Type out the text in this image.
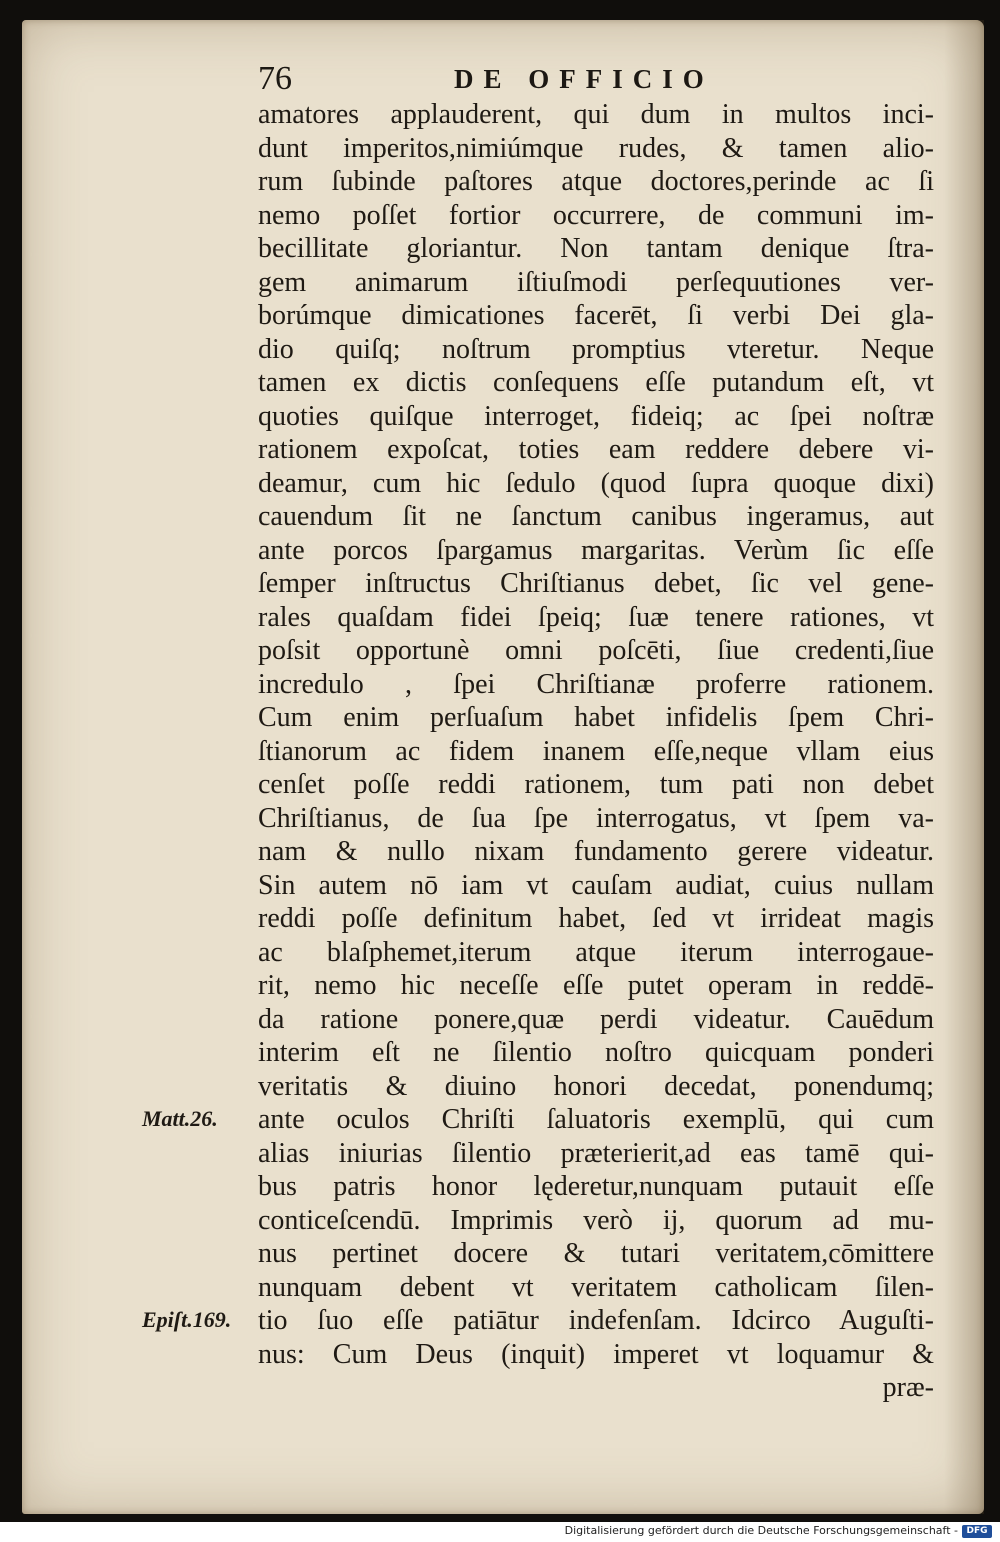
76	DE OFFICIO
amatores applauderent, qui dum in multos inci-
dunt imperitos,nimiúmque rudes, & tamen alio-
rum ſubinde paſtores atque doctores,perinde ac ſi
nemo poſſet fortior occurrere, de communi im-
becillitate gloriantur. Non tantam denique ſtra-
gem animarum iſtiuſmodi perſequutiones ver-
borúmque dimicationes facerēt, ſi verbi Dei gla-
dio quiſq; noſtrum promptius vteretur. Neque
tamen ex dictis conſequens eſſe putandum eſt, vt
quoties quiſque interroget, fideiq; ac ſpei noſtræ
rationem expoſcat, toties eam reddere debere vi-
deamur, cum hic ſedulo (quod ſupra quoque dixi)
cauendum ſit ne ſanctum canibus ingeramus, aut
ante porcos ſpargamus margaritas. Verùm ſic eſſe
ſemper inſtructus Chriſtianus debet, ſic vel gene-
rales quaſdam fidei ſpeiq; ſuæ tenere rationes, vt
poſsit opportunè omni poſcēti, ſiue credenti,ſiue
incredulo , ſpei Chriſtianæ proferre rationem.
Cum enim perſuaſum habet infidelis ſpem Chri-
ſtianorum ac fidem inanem eſſe,neque vllam eius
cenſet poſſe reddi rationem, tum pati non debet
Chriſtianus, de ſua ſpe interrogatus, vt ſpem va-
nam & nullo nixam fundamento gerere videatur.
Sin autem nō iam vt cauſam audiat, cuius nullam
reddi poſſe definitum habet, ſed vt irrideat magis
ac blaſphemet,iterum atque iterum interrogaue-
rit, nemo hic neceſſe eſſe putet operam in reddē-
da ratione ponere,quæ perdi videatur. Cauēdum
interim eſt ne ſilentio noſtro quicquam ponderi
veritatis & diuino honori decedat, ponendumq;
ante oculos Chriſti ſaluatoris exemplū, qui cum
alias iniurias ſilentio præterierit,ad eas tamē qui-
bus patris honor lęderetur,nunquam putauit eſſe
conticeſcendū. Imprimis verò ij, quorum ad mu-
nus pertinet docere & tutari veritatem,cōmittere
nunquam debent vt veritatem catholicam ſilen-
tio ſuo eſſe patiātur indefenſam. Idcirco Auguſti-
nus: Cum Deus (inquit) imperet vt loquamur &
præ-
Matt.26.
Epiſt.169.
Digitalisierung gefördert durch die Deutsche Forschungsgemeinschaft - DFG
